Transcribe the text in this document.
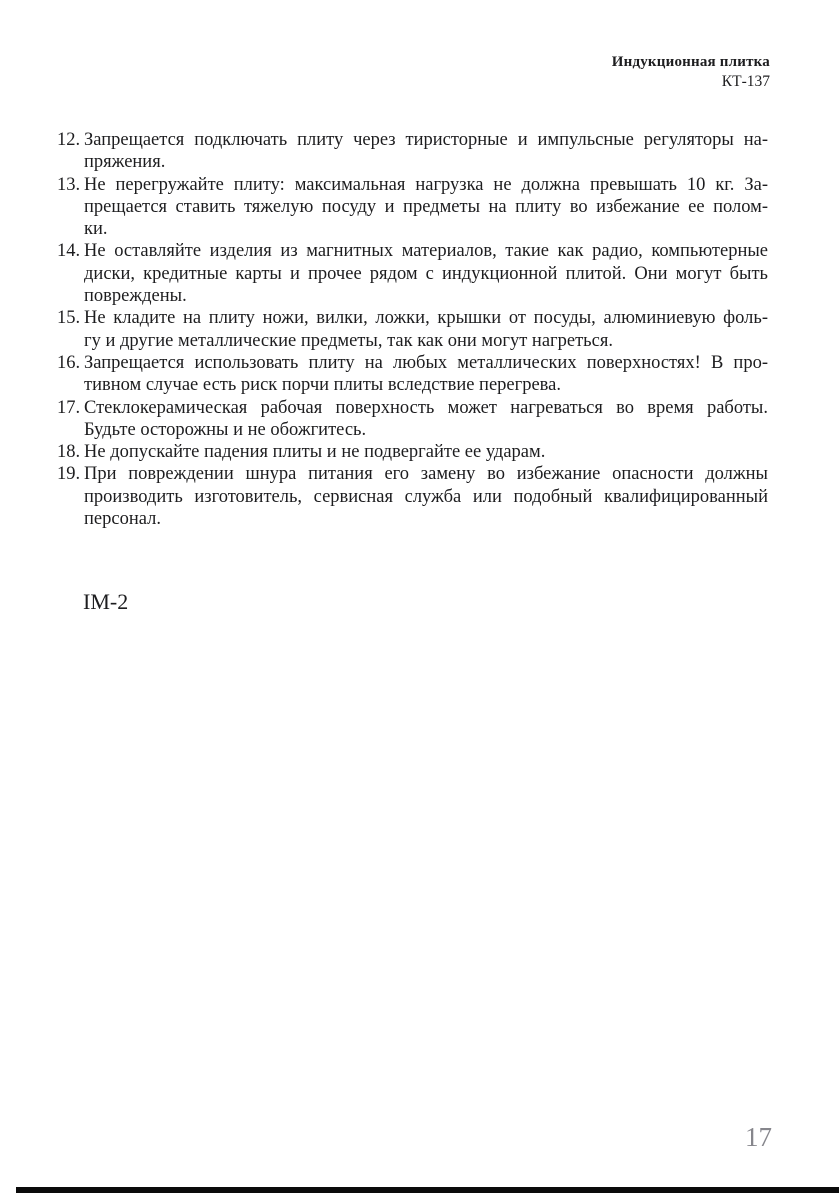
Индукционная плитка
КТ-137
12. Запрещается подключать плиту через тиристорные и импульсные регуляторы на-
пряжения.
13. Не перегружайте плиту: максимальная нагрузка не должна превышать 10 кг. За-
прещается ставить тяжелую посуду и предметы на плиту во избежание ее полом-
ки.
14. Не оставляйте изделия из магнитных материалов, такие как радио, компьютерные
диски, кредитные карты и прочее рядом с индукционной плитой. Они могут быть
повреждены.
15. Не кладите на плиту ножи, вилки, ложки, крышки от посуды, алюминиевую фоль-
гу и другие металлические предметы, так как они могут нагреться.
16. Запрещается использовать плиту на любых металлических поверхностях! В про-
тивном случае есть риск порчи плиты вследствие перегрева.
17. Стеклокерамическая рабочая поверхность может нагреваться во время работы.
Будьте осторожны и не обожгитесь.
18. Не допускайте падения плиты и не подвергайте ее ударам.
19. При повреждении шнура питания его замену во избежание опасности должны
производить изготовитель, сервисная служба или подобный квалифицированный
персонал.
IM-2
17
